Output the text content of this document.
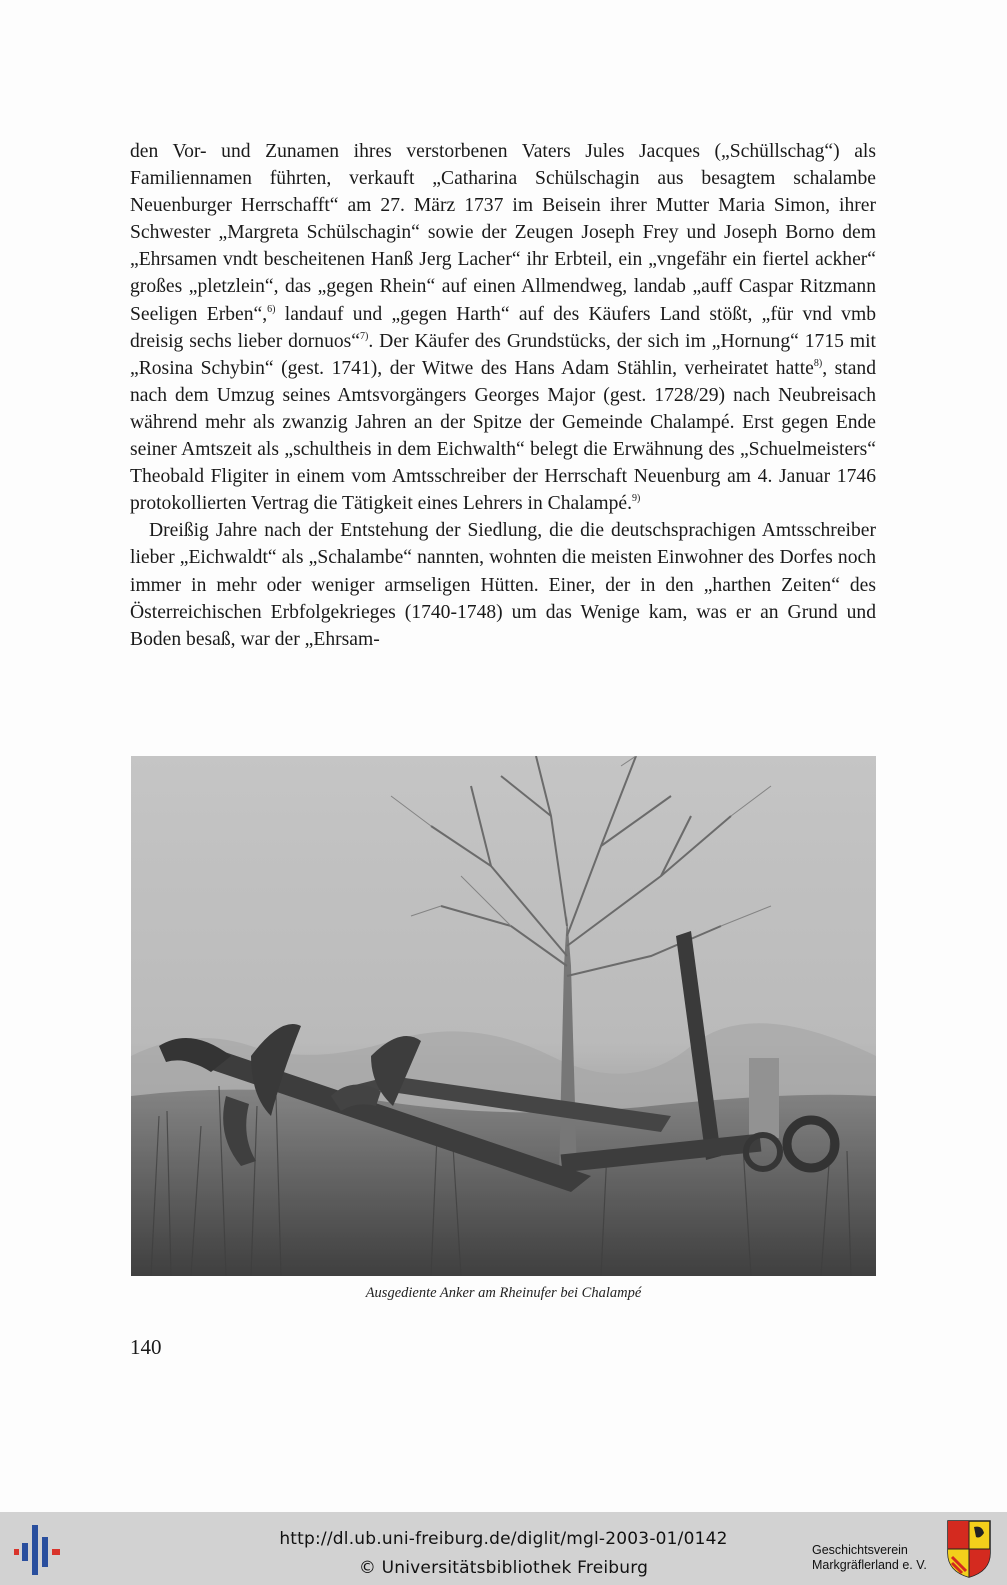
den Vor- und Zunamen ihres verstorbenen Vaters Jules Jacques („Schüllschag“) als Familiennamen führten, verkauft „Catharina Schülschagin aus besagtem schalambe Neuenburger Herrschafft“ am 27. März 1737 im Beisein ihrer Mutter Maria Simon, ihrer Schwester „Margreta Schülschagin“ sowie der Zeugen Joseph Frey und Joseph Borno dem „Ehrsamen vndt bescheitenen Hanß Jerg Lacher“ ihr Erbteil, ein „vngefähr ein fiertel ackher“ großes „pletzlein“, das „gegen Rhein“ auf einen Allmendweg, landab „auff Caspar Ritzmann Seeligen Erben“,$^{6)}$ landauf und „gegen Harth“ auf des Käufers Land stößt, „für vnd vmb dreisig sechs lieber dornuos“$^{7)}$. Der Käufer des Grundstücks, der sich im „Hornung“ 1715 mit „Rosina Schybin“ (gest. 1741), der Witwe des Hans Adam Stählin, verheiratet hatte$^{8)}$, stand nach dem Umzug seines Amtsvorgängers Georges Major (gest. 1728/29) nach Neubreisach während mehr als zwanzig Jahren an der Spitze der Gemeinde Chalampé. Erst gegen Ende seiner Amtszeit als „schultheis in dem Eichwalth“ belegt die Erwähnung des „Schuelmeisters“ Theobald Fligiter in einem vom Amtsschreiber der Herrschaft Neuenburg am 4. Januar 1746 protokollierten Vertrag die Tätigkeit eines Lehrers in Chalampé.$^{9)}$

Dreißig Jahre nach der Entstehung der Siedlung, die die deutschsprachigen Amtsschreiber lieber „Eichwaldt“ als „Schalambe“ nannten, wohnten die meisten Einwohner des Dorfes noch immer in mehr oder weniger armseligen Hütten. Einer, der in den „harthen Zeiten“ des Österreichischen Erbfolgekrieges (1740-1748) um das Wenige kam, was er an Grund und Boden besaß, war der „Ehrsam-

Ausgediente Anker am Rheinufer bei Chalampé
140
http://dl.ub.uni-freiburg.de/diglit/mgl-2003-01/0142
© Universitätsbibliothek Freiburg
Geschichtsverein
Markgräflerland e. V.
